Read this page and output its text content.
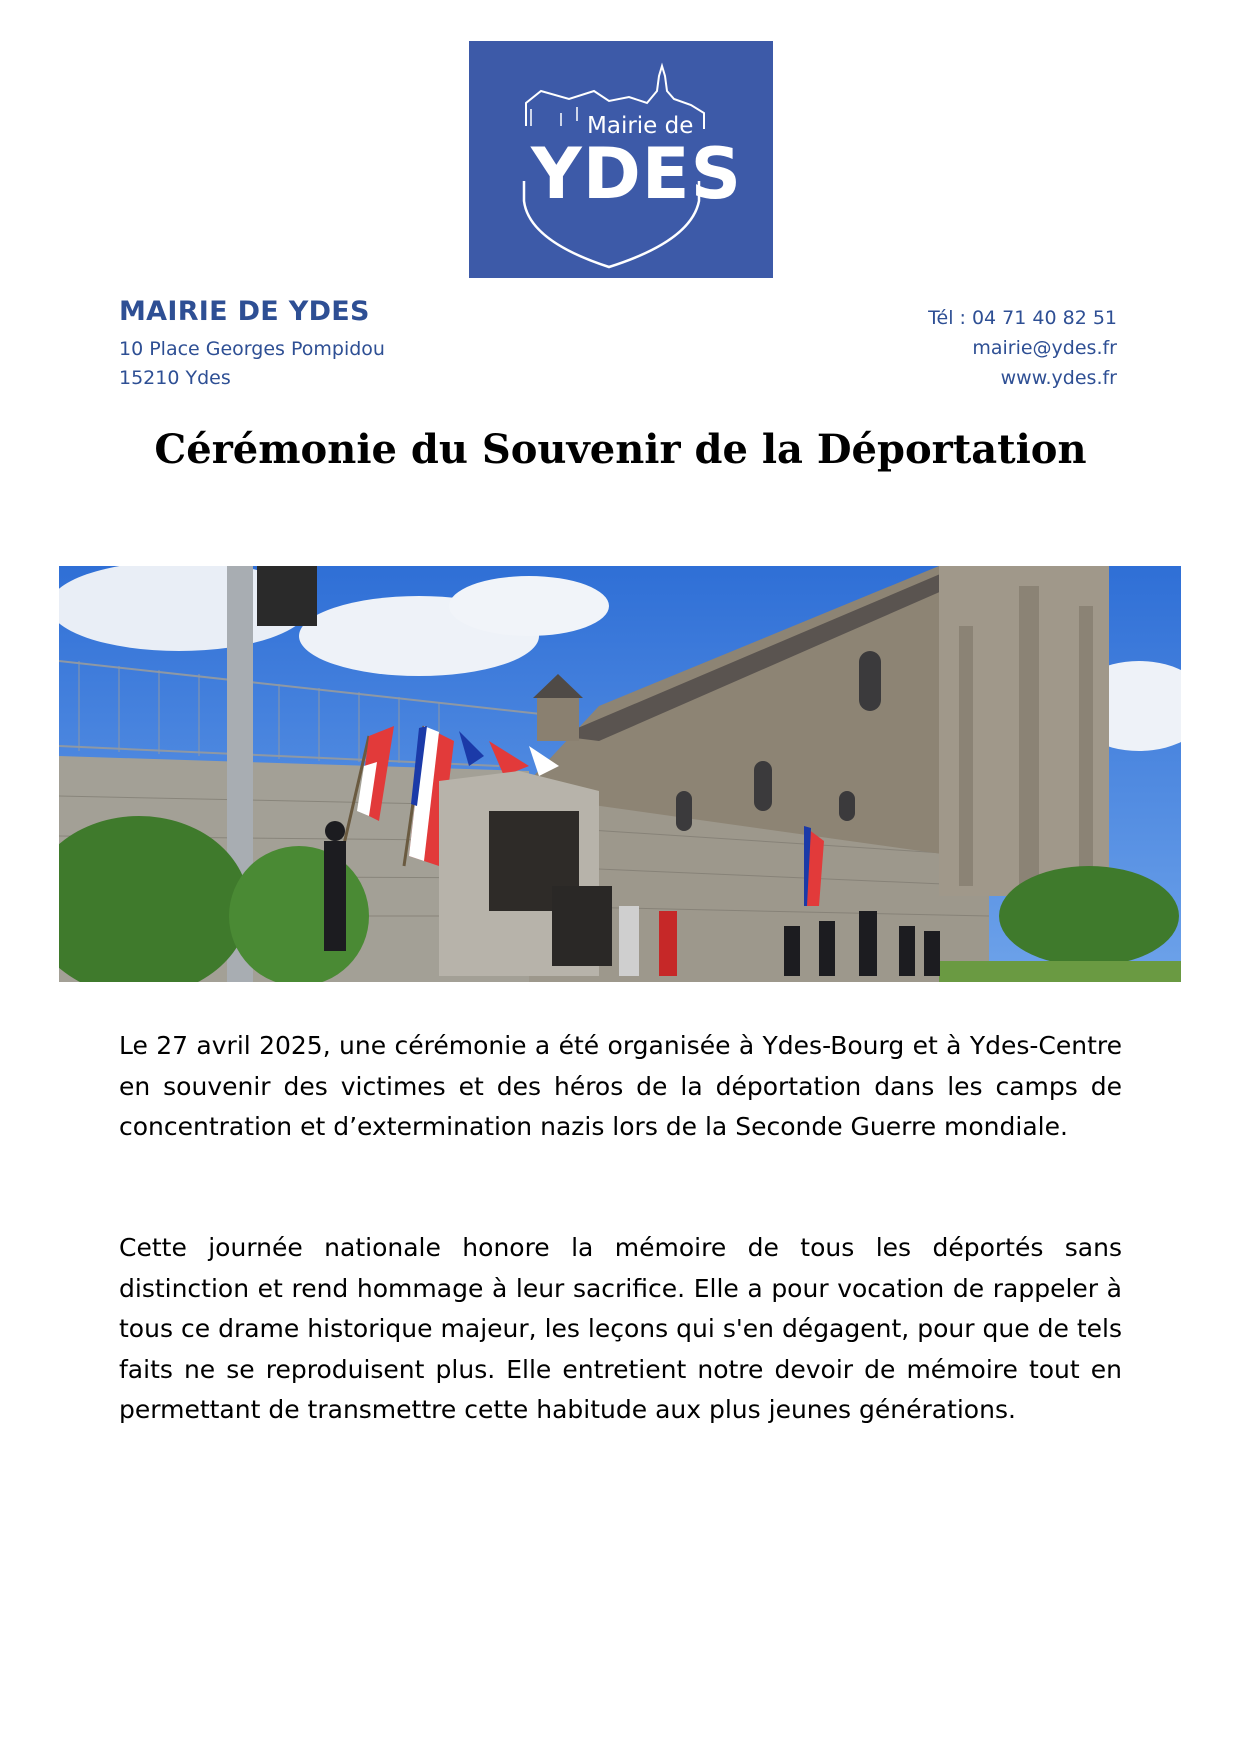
Mairie de
YDES
MAIRIE DE YDES
10 Place Georges Pompidou
15210 Ydes
Tél : 04 71 40 82 51
mairie@ydes.fr
www.ydes.fr
Cérémonie du Souvenir de la Déportation

Le 27 avril 2025, une cérémonie a été organisée à Ydes-Bourg et à Ydes-Centre en souvenir des victimes et des héros de la déportation dans les camps de concentration et d’extermination nazis lors de la Seconde Guerre mondiale.

Cette journée nationale honore la mémoire de tous les déportés sans distinction et rend hommage à leur sacrifice. Elle a pour vocation de rappeler à tous ce drame historique majeur, les leçons qui s'en dégagent, pour que de tels faits ne se reproduisent plus. Elle entretient notre devoir de mémoire tout en permettant de transmettre cette habitude aux plus jeunes générations.
